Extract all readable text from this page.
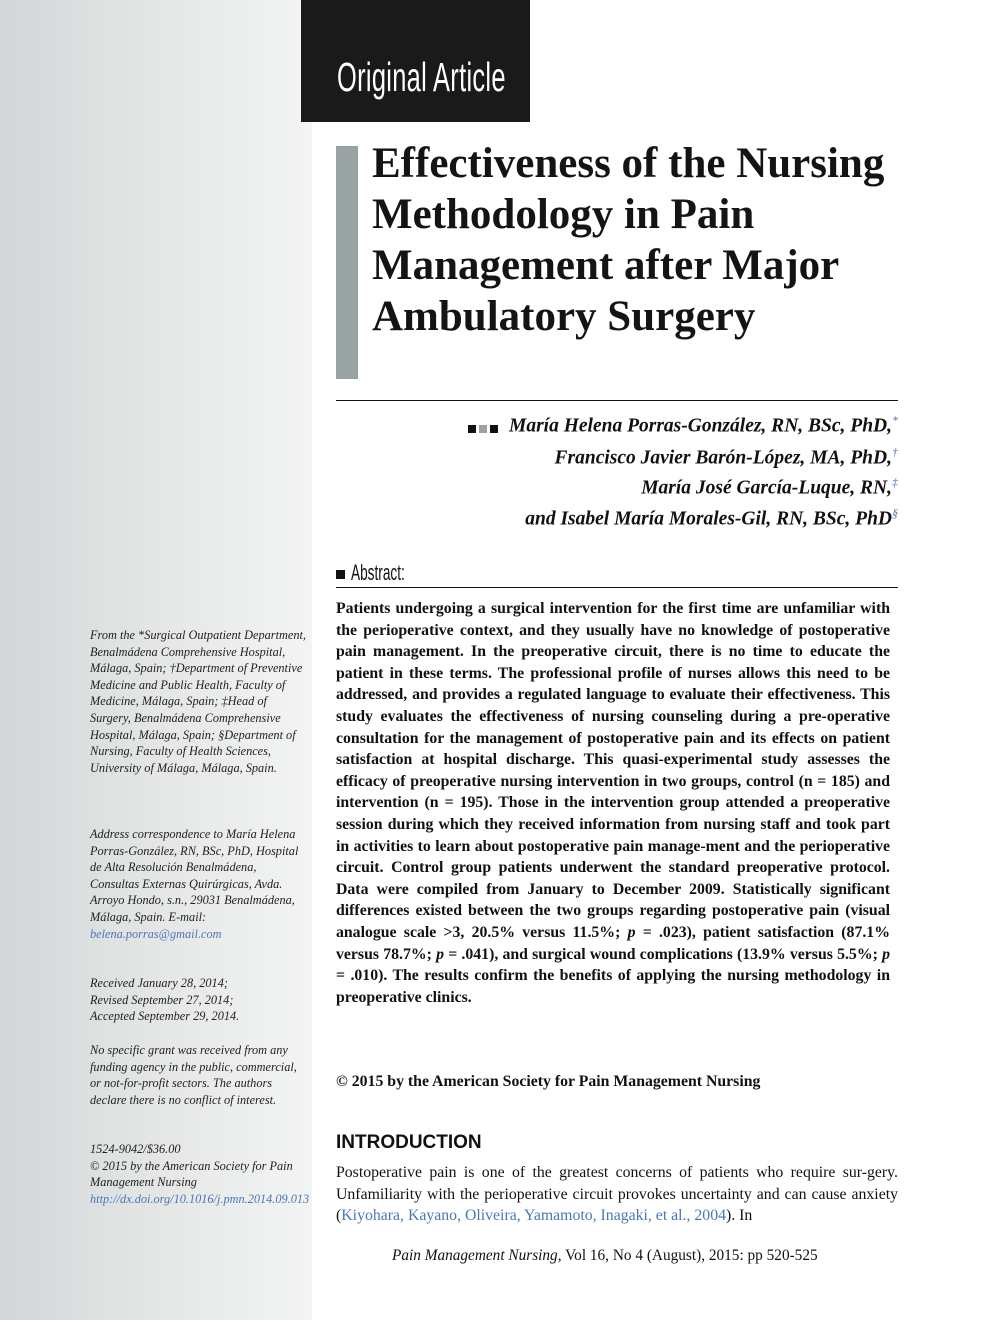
Original Article
Effectiveness of the Nursing Methodology in Pain Management after Major Ambulatory Surgery
María Helena Porras-González, RN, BSc, PhD,*
Francisco Javier Barón-López, MA, PhD,†
María José García-Luque, RN,‡
and Isabel María Morales-Gil, RN, BSc, PhD§
Abstract:

Patients undergoing a surgical intervention for the first time are unfamiliar with the perioperative context, and they usually have no knowledge of postoperative pain management. In the preoperative circuit, there is no time to educate the patient in these terms. The professional profile of nurses allows this need to be addressed, and provides a regulated language to evaluate their effectiveness. This study evaluates the effectiveness of nursing counseling during a pre-operative consultation for the management of postoperative pain and its effects on patient satisfaction at hospital discharge. This quasi-experimental study assesses the efficacy of preoperative nursing intervention in two groups, control (n = 185) and intervention (n = 195). Those in the intervention group attended a preoperative session during which they received information from nursing staff and took part in activities to learn about postoperative pain manage-ment and the perioperative circuit. Control group patients underwent the standard preoperative protocol. Data were compiled from January to December 2009. Statistically significant differences existed between the two groups regarding postoperative pain (visual analogue scale >3, 20.5% versus 11.5%; p = .023), patient satisfaction (87.1% versus 78.7%; p = .041), and surgical wound complications (13.9% versus 5.5%; p = .010). The results confirm the benefits of applying the nursing methodology in preoperative clinics.

© 2015 by the American Society for Pain Management Nursing
INTRODUCTION

Postoperative pain is one of the greatest concerns of patients who require sur-gery. Unfamiliarity with the perioperative circuit provokes uncertainty and can cause anxiety (Kiyohara, Kayano, Oliveira, Yamamoto, Inagaki, et al., 2004). In

Pain Management Nursing, Vol 16, No 4 (August), 2015: pp 520-525

From the *Surgical Outpatient Department, Benalmádena Comprehensive Hospital, Málaga, Spain; †Department of Preventive Medicine and Public Health, Faculty of Medicine, Málaga, Spain; ‡Head of Surgery, Benalmádena Comprehensive Hospital, Málaga, Spain; §Department of Nursing, Faculty of Health Sciences, University of Málaga, Málaga, Spain.

Address correspondence to María Helena Porras-González, RN, BSc, PhD, Hospital de Alta Resolución Benalmádena, Consultas Externas Quirúrgicas, Avda. Arroyo Hondo, s.n., 29031 Benalmádena, Málaga, Spain. E-mail: belena.porras@gmail.com

Received January 28, 2014;
Revised September 27, 2014;
Accepted September 29, 2014.

No specific grant was received from any funding agency in the public, commercial, or not-for-profit sectors. The authors declare there is no conflict of interest.

1524-9042/$36.00
© 2015 by the American Society for Pain Management Nursing
http://dx.doi.org/10.1016/j.pmn.2014.09.013
